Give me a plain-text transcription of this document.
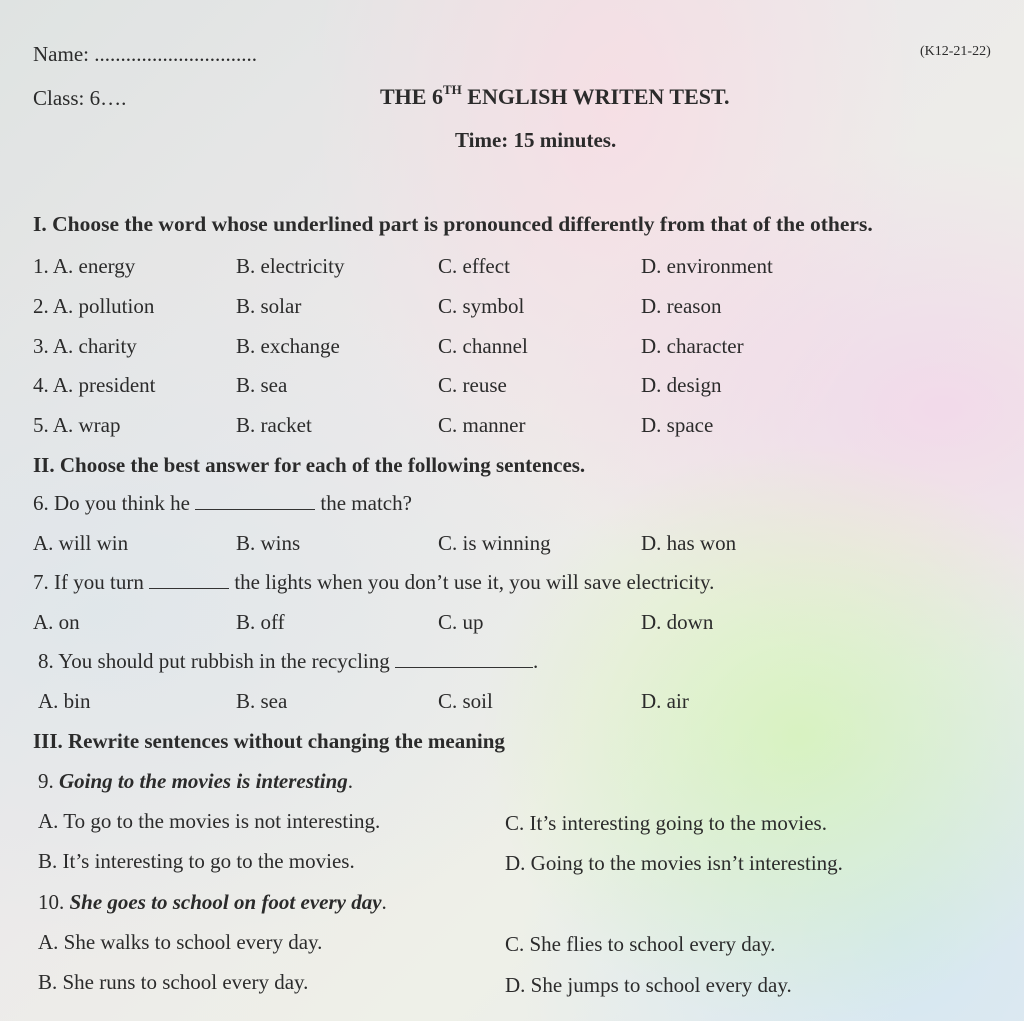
Name: ...............................	(K12-21-22)
Class: 6….	THE 6TH ENGLISH WRITEN TEST.
Time: 15 minutes.
I. Choose the word whose underlined part is pronounced differently from that of the others.
1. A. energy	B. electricity	C. effect	D. environment
2. A. pollution	B. solar	C. symbol	D. reason
3. A. charity	B. exchange	C. channel	D. character
4. A. president	B. sea	C. reuse	D. design
5. A. wrap	B. racket	C. manner	D. space
II. Choose the best answer for each of the following sentences.
6. Do you think he	the match?
A. will win	B. wins	C. is winning	D. has won
7. If you turn	the lights when you don’t use it, you will save electricity.
A. on	B. off	C. up	D. down
8. You should put rubbish in the recycling	.
A. bin	B. sea	C. soil	D. air
III. Rewrite sentences without changing the meaning
9. Going to the movies is interesting.
A. To go to the movies is not interesting.	C. It’s interesting going to the movies.
B. It’s interesting to go to the movies.	D. Going to the movies isn’t interesting.
10. She goes to school on foot every day.
A. She walks to school every day.	C. She flies to school every day.
B. She runs to school every day.	D. She jumps to school every day.
